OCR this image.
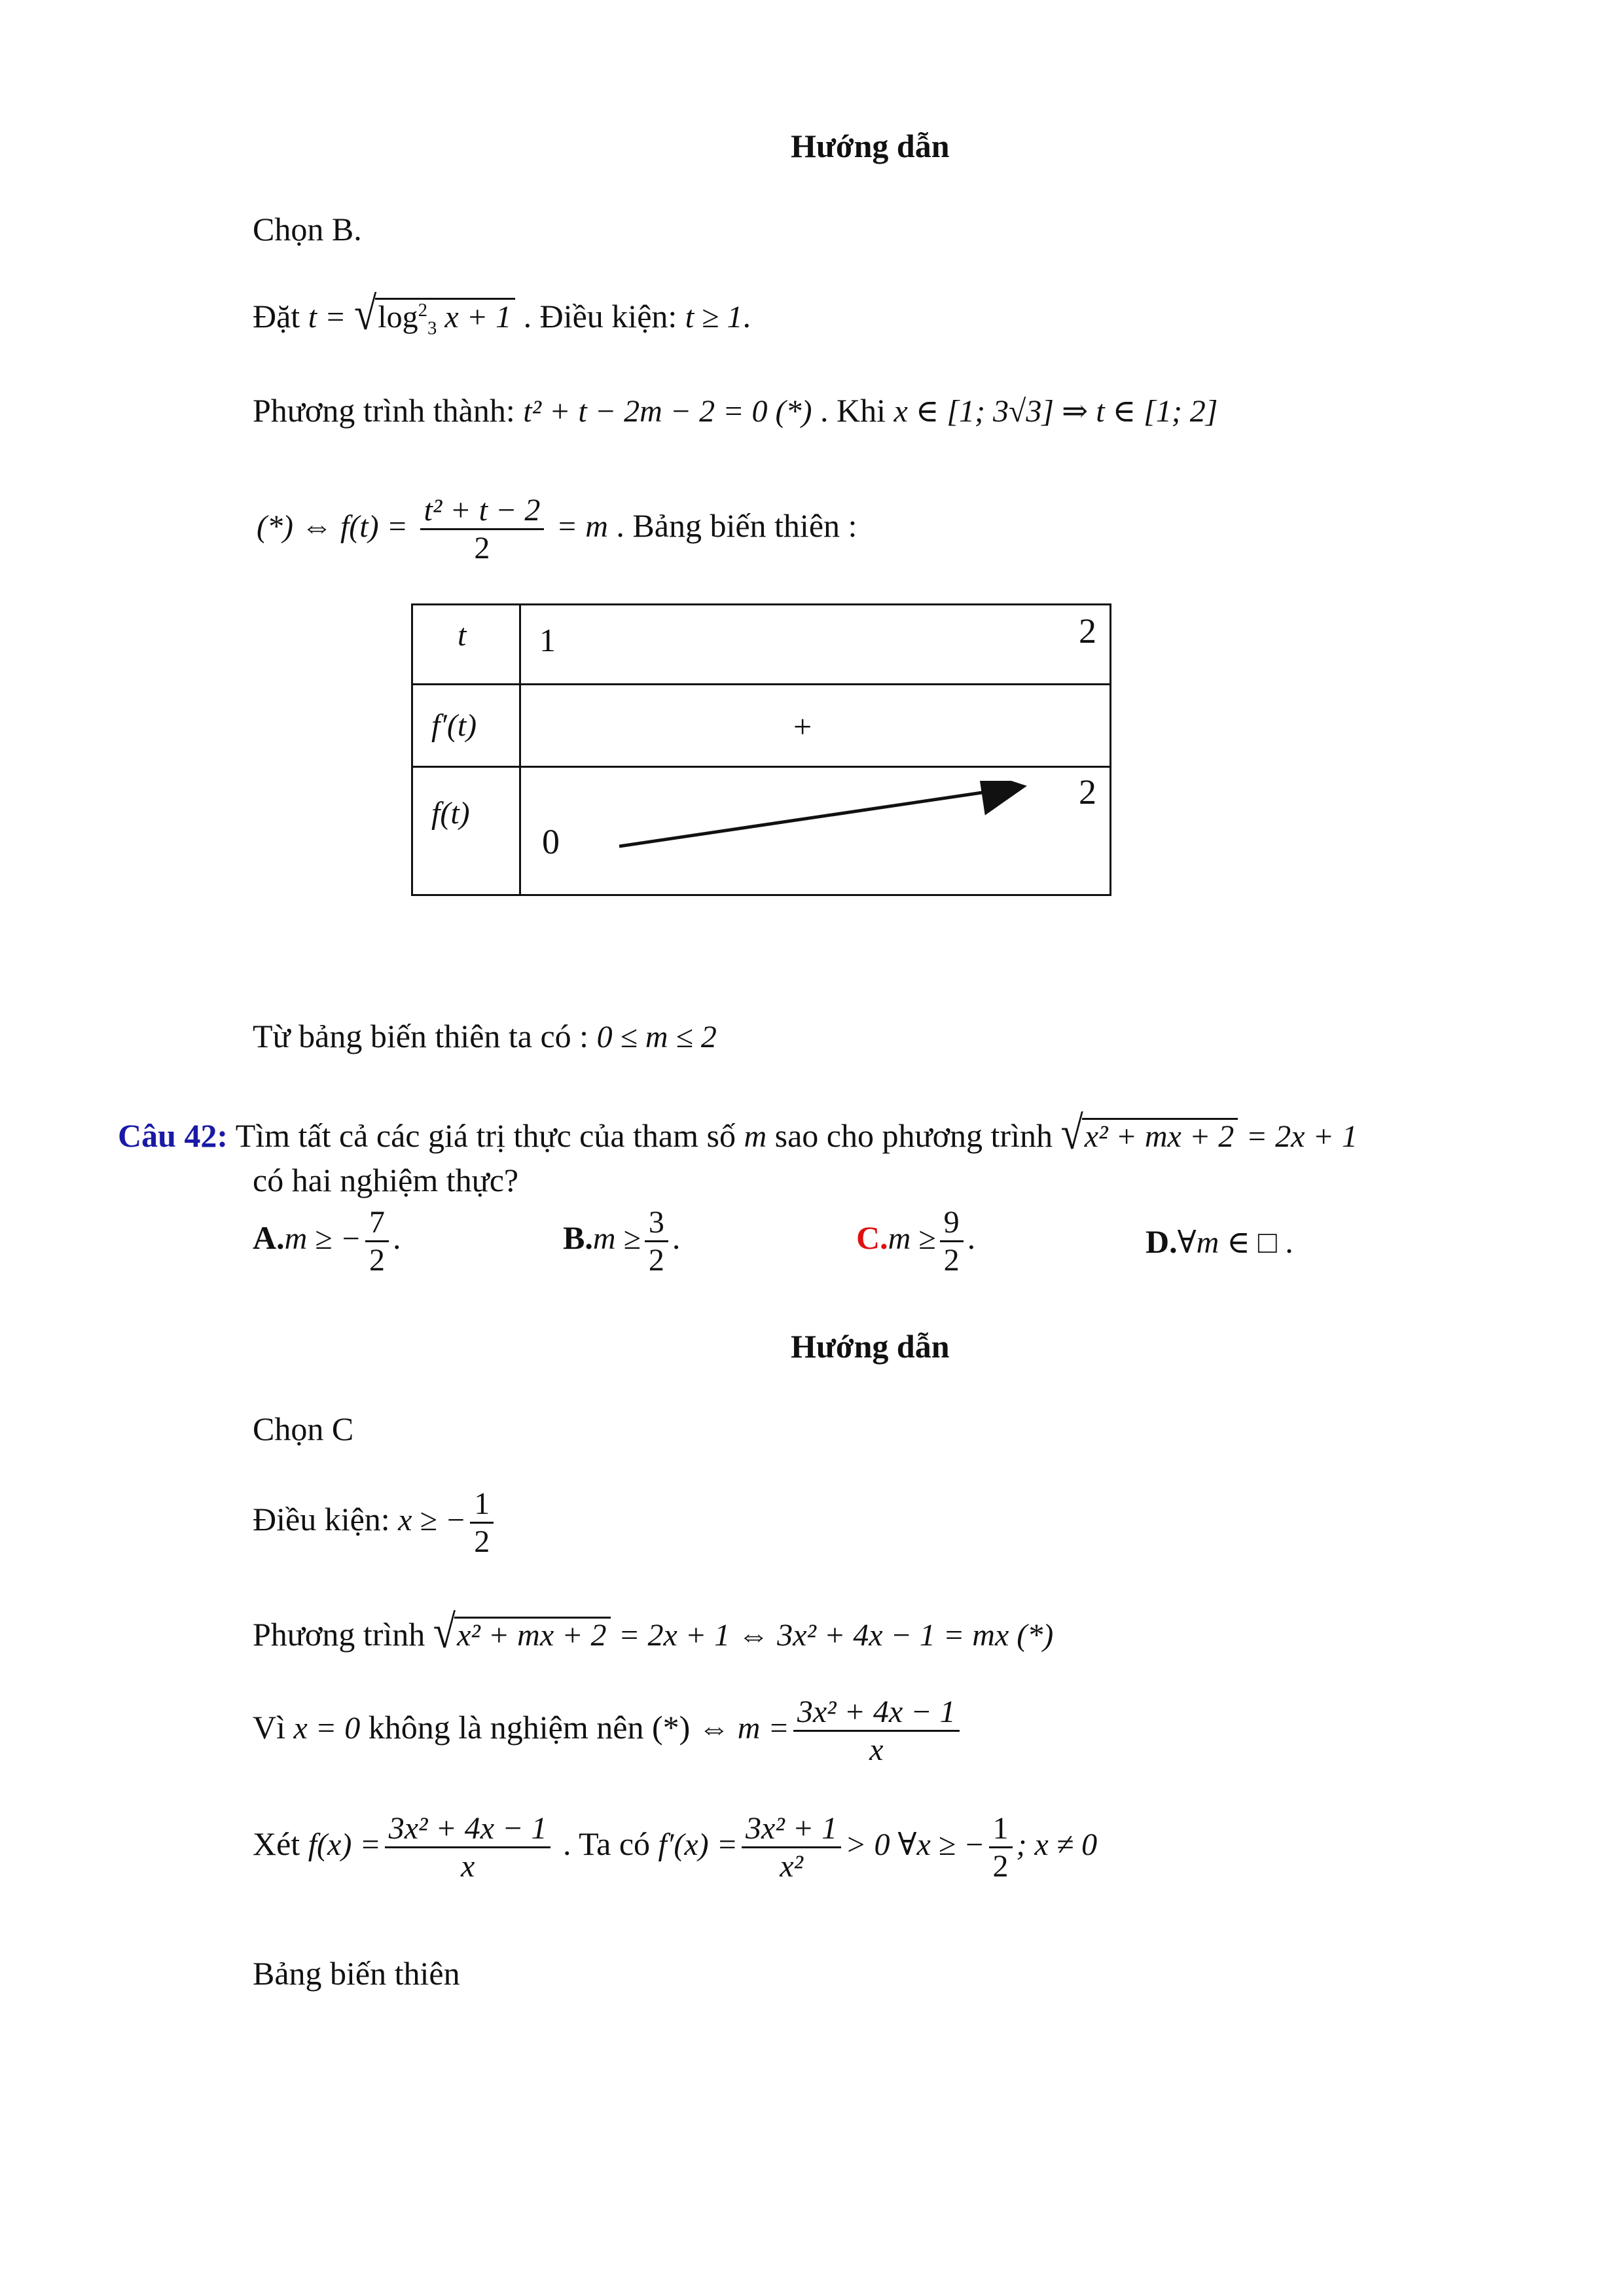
Hướng dẫn
Chọn B.
Đặt $t = √\log^2_3$ x + 1 . Điều kiện: t ≥ 1.
Phương trình thành: t² + t − 2m − 2 = 0 (*) . Khi x ∈ [1; 3√3] ⇒ t ∈ [1; 2]
(*) ⇔ $f(t) = \frac{\text{t² + t − 2}}{2} = m$ . Bảng biến thiên :
t	1 2

f′(t)	+

f(t)	0
2
Từ bảng biến thiên ta có : 0 ≤ m ≤ 2
Câu 42: Tìm tất cả các giá trị thực của tham số m sao cho phương trình √x² + mx + 2 = 2x + 1
có hai nghiệm thực?
A.m ≥ − $\frac{7}{2}$ .	$B.m \ge \frac{3}{2}$ .	$C.m \ge \frac{9}{2}$ .	D.∀m ∈ □ .
Hướng dẫn
Chọn C
Điều kiện: x ≥ − $\frac{1}{2}$
Phương trình √x² + mx + 2 = 2x + 1 ⇔ 3x² + 4x − 1 = mx (*)
Vì x = 0 không là nghiệm nên (*) ⇔ $m = \frac{\text{3x² + 4x − 1}}{x}$
Xét $f(x) = \frac{\text{3x² + 4x − 1}}{x}$ . Ta có $f'(x) = \frac{\text{3x² + 1}}{\text{x²}} > 0$ ∀x ≥ − $\frac{1}{2}$ ; x ≠ 0
Bảng biến thiên
